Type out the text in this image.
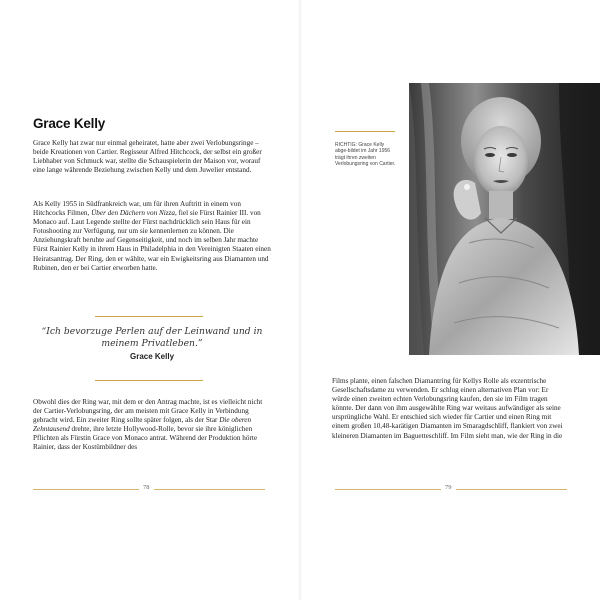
Grace Kelly

Grace Kelly hat zwar nur einmal geheiratet, hatte aber zwei Verlobungsringe – beide Kreationen von Cartier. Regisseur Alfred Hitchcock, der selbst ein großer Liebhaber von Schmuck war, stellte die Schauspielerin der Maison vor, worauf eine lange währende Beziehung zwischen Kelly und dem Juwelier entstand.

Als Kelly 1955 in Südfrankreich war, um für ihren Auftritt in einem von Hitchcocks Filmen, Über den Dächern von Nizza, fiel sie Fürst Rainier III. von Monaco auf. Laut Legende stellte der Fürst nachdrücklich sein Haus für ein Fotoshooting zur Verfügung, nur um sie kennenlernen zu können. Die Anziehungskraft beruhte auf Gegenseitigkeit, und noch im selben Jahr machte Fürst Rainier Kelly in ihrem Haus in Philadelphia in den Vereinigten Staaten einen Heiratsantrag. Der Ring, den er wählte, war ein Ewigkeitsring aus Diamanten und Rubinen, den er bei Cartier erworben hatte.

“Ich bevorzuge Perlen auf der Leinwand und in meinem Privatleben.”
Grace Kelly

Obwohl dies der Ring war, mit dem er den Antrag machte, ist es vielleicht nicht der Cartier-Verlobungsring, der am meisten mit Grace Kelly in Verbindung gebracht wird. Ein zweiter Ring sollte später folgen, als der Star Die oberen Zehntausend drehte, ihre letzte Hollywood-Rolle, bevor sie ihre königlichen Pflichten als Fürstin Grace von Monaco antrat. Während der Produktion hörte Rainier, dass der Kostümbildner des

78
RICHTIG: Grace Kelly abge-bildet im Jahr 1956 trägt ihren zweiten Verlobungsring von Cartier.

Films plante, einen falschen Diamantring für Kellys Rolle als exzentrische Gesellschaftsdame zu verwenden. Er schlug einen alternativen Plan vor: Er würde einen zweiten echten Verlobungsring kaufen, den sie im Film tragen könnte. Der dann von ihm ausgewählte Ring war weitaus aufwändiger als seine ursprüngliche Wahl. Er entschied sich wieder für Cartier und einen Ring mit einem großen 10,48-karätigen Diamanten im Smaragdschliff, flankiert von zwei kleineren Diamanten im Baguetteschliff. Im Film sieht man, wie der Ring in die

79
